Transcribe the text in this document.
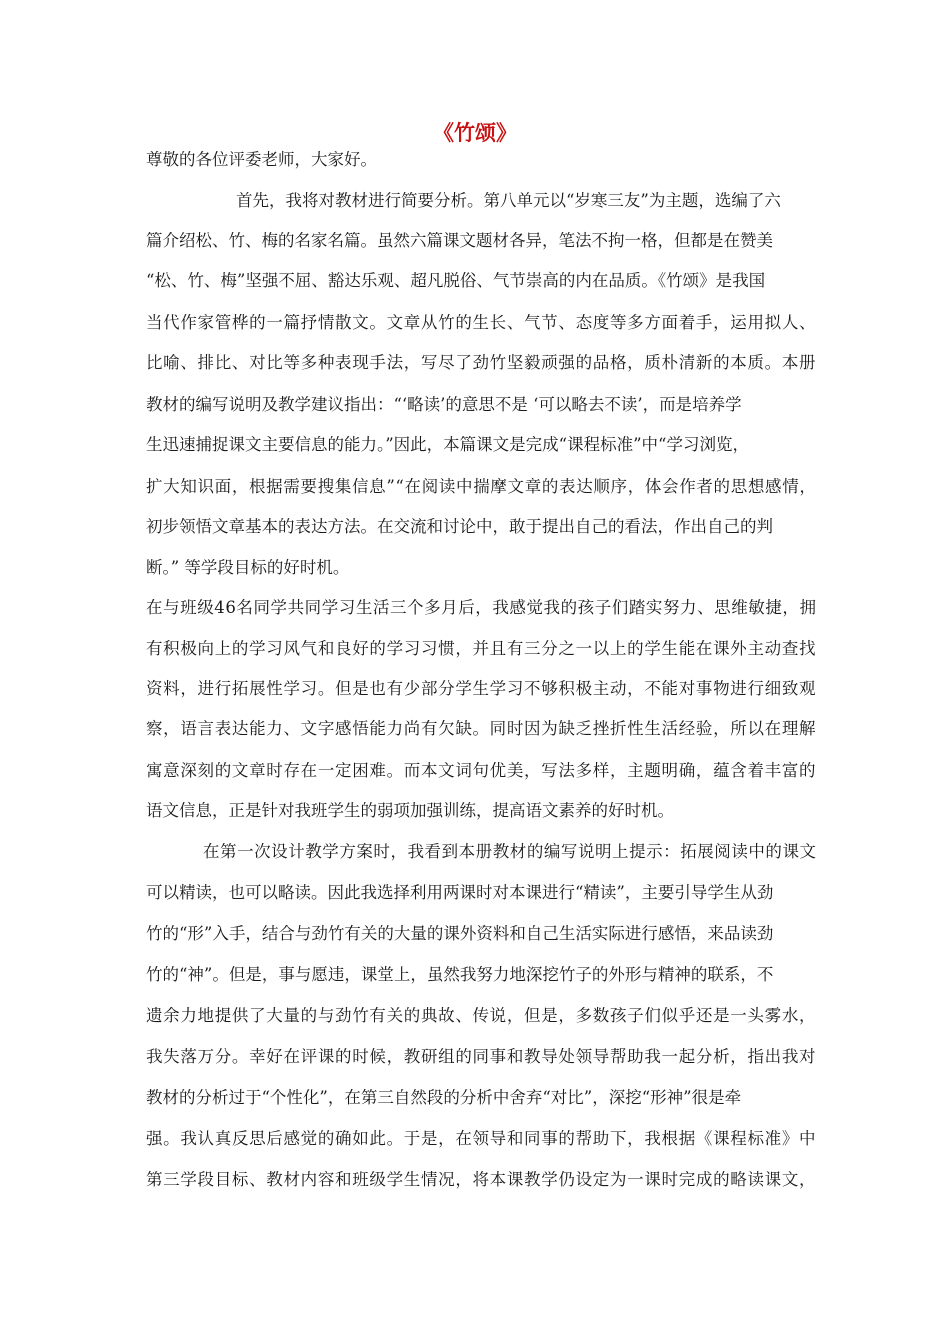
《竹颂》
尊敬的各位评委老师，大家好。
首先，我将对教材进行简要分析。第八单元以“岁寒三友”为主题，选编了六
篇介绍松、竹、梅的名家名篇。虽然六篇课文题材各异，笔法不拘一格，但都是在赞美
“松、竹、梅”坚强不屈、豁达乐观、超凡脱俗、气节崇高的内在品质。《竹颂》是我国
当代作家管桦的一篇抒情散文。文章从竹的生长、气节、态度等多方面着手，运用拟人、
比喻、排比、对比等多种表现手法，写尽了劲竹坚毅顽强的品格，质朴清新的本质。本册
教材的编写说明及教学建议指出：“‘略读’的意思不是 ‘可以略去不读’，而是培养学
生迅速捕捉课文主要信息的能力。”因此，本篇课文是完成“课程标准”中“学习浏览，
扩大知识面，根据需要搜集信息”“在阅读中揣摩文章的表达顺序，体会作者的思想感情，
初步领悟文章基本的表达方法。在交流和讨论中，敢于提出自己的看法，作出自己的判
断。” 等学段目标的好时机。
在与班级46名同学共同学习生活三个多月后，我感觉我的孩子们踏实努力、思维敏捷，拥
有积极向上的学习风气和良好的学习习惯，并且有三分之一以上的学生能在课外主动查找
资料，进行拓展性学习。但是也有少部分学生学习不够积极主动，不能对事物进行细致观
察，语言表达能力、文字感悟能力尚有欠缺。同时因为缺乏挫折性生活经验，所以在理解
寓意深刻的文章时存在一定困难。而本文词句优美，写法多样，主题明确，蕴含着丰富的
语文信息，正是针对我班学生的弱项加强训练，提高语文素养的好时机。
在第一次设计教学方案时，我看到本册教材的编写说明上提示：拓展阅读中的课文
可以精读，也可以略读。因此我选择利用两课时对本课进行“精读”，主要引导学生从劲
竹的“形”入手，结合与劲竹有关的大量的课外资料和自己生活实际进行感悟，来品读劲
竹的“神”。但是，事与愿违，课堂上，虽然我努力地深挖竹子的外形与精神的联系，不
遗余力地提供了大量的与劲竹有关的典故、传说，但是，多数孩子们似乎还是一头雾水，
我失落万分。幸好在评课的时候，教研组的同事和教导处领导帮助我一起分析，指出我对
教材的分析过于“个性化”，在第三自然段的分析中舍弃“对比”，深挖“形神”很是牵
强。我认真反思后感觉的确如此。于是，在领导和同事的帮助下，我根据《课程标准》中
第三学段目标、教材内容和班级学生情况，将本课教学仍设定为一课时完成的略读课文，
